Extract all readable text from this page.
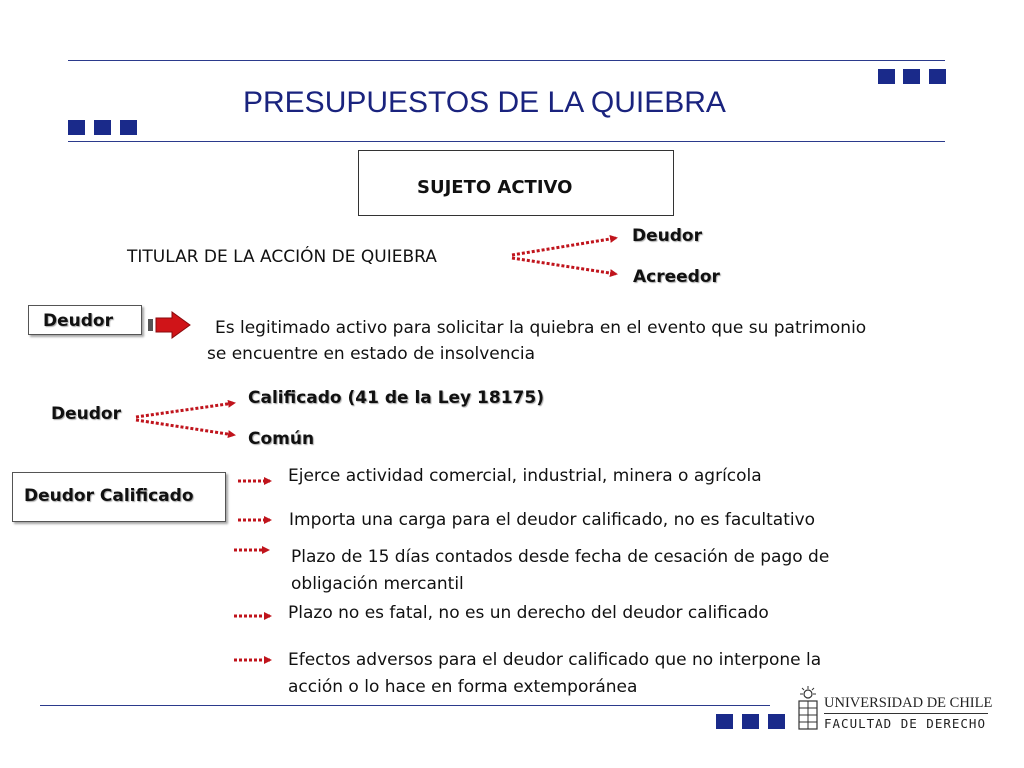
PRESUPUESTOS DE LA QUIEBRA
SUJETO ACTIVO
TITULAR DE LA ACCIÓN DE QUIEBRA
Deudor
Acreedor
Deudor	Es legitimado activo para solicitar la quiebra en el evento que su patrimonio
se encuentre en estado de insolvencia
Deudor
Calificado (41 de la Ley 18175)
Común
Deudor Calificado
Ejerce actividad comercial, industrial, minera o agrícola
Importa una carga para el deudor calificado, no es facultativo
Plazo de 15 días contados desde fecha de cesación de pago de
obligación mercantil
Plazo no es fatal, no es un derecho del deudor calificado
Efectos adversos para el deudor calificado que no interpone la
acción o lo hace en forma extemporánea
UNIVERSIDAD DE CHILE
FACULTAD DE DERECHO
